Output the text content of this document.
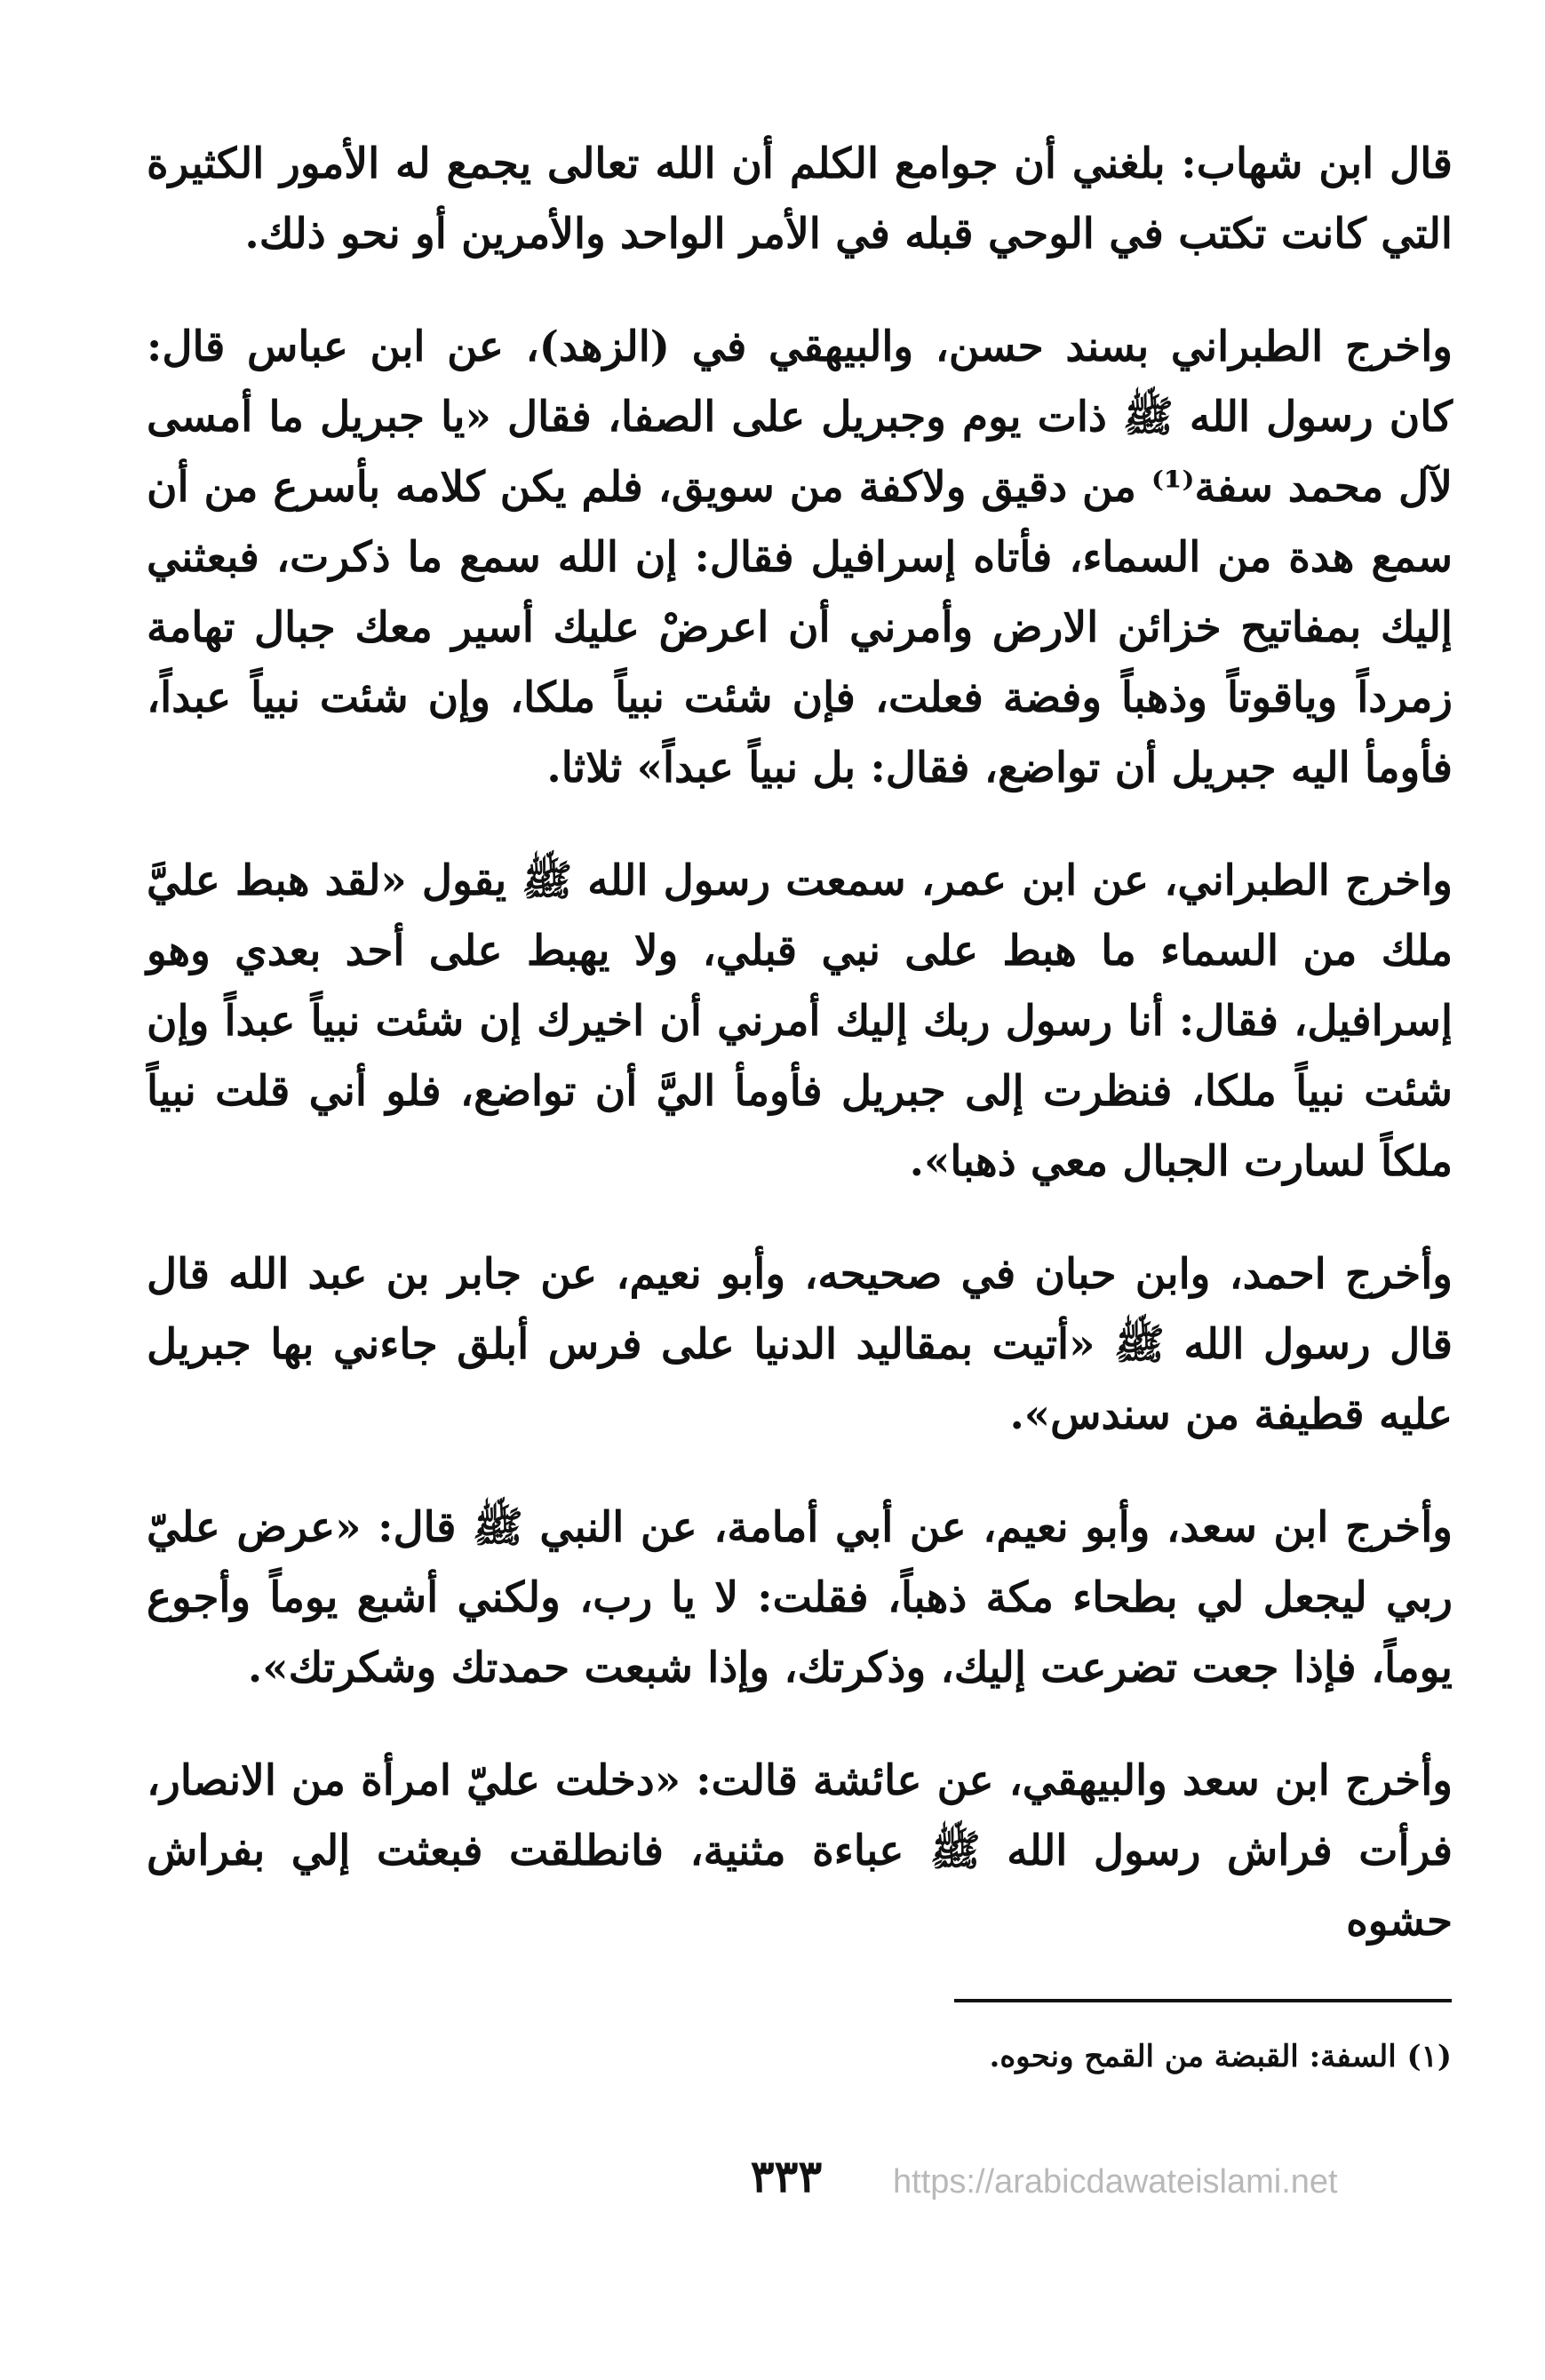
قال ابن شهاب: بلغني أن جوامع الكلم أن الله تعالى يجمع له الأمور الكثيرة التي كانت تكتب في الوحي قبله في الأمر الواحد والأمرين أو نحو ذلك.

واخرج الطبراني بسند حسن، والبيهقي في (الزهد)، عن ابن عباس قال: كان رسول الله ﷺ ذات يوم وجبريل على الصفا، فقال «يا جبريل ما أمسى لآل محمد سفة⁽¹⁾ من دقيق ولاكفة من سويق، فلم يكن كلامه بأسرع من أن سمع هدة من السماء، فأتاه إسرافيل فقال: إن الله سمع ما ذكرت، فبعثني إليك بمفاتيح خزائن الارض وأمرني أن اعرضْ عليك أسير معك جبال تهامة زمرداً وياقوتاً وذهباً وفضة فعلت، فإن شئت نبياً ملكا، وإن شئت نبياً عبداً، فأومأ اليه جبريل أن تواضع، فقال: بل نبياً عبداً» ثلاثا.

واخرج الطبراني، عن ابن عمر، سمعت رسول الله ﷺ يقول «لقد هبط عليَّ ملك من السماء ما هبط على نبي قبلي، ولا يهبط على أحد بعدي وهو إسرافيل، فقال: أنا رسول ربك إليك أمرني أن اخيرك إن شئت نبياً عبداً وإن شئت نبياً ملكا، فنظرت إلى جبريل فأومأ اليَّ أن تواضع، فلو أني قلت نبياً ملكاً لسارت الجبال معي ذهبا».

وأخرج احمد، وابن حبان في صحيحه، وأبو نعيم، عن جابر بن عبد الله قال قال رسول الله ﷺ «أتيت بمقاليد الدنيا على فرس أبلق جاءني بها جبريل عليه قطيفة من سندس».

وأخرج ابن سعد، وأبو نعيم، عن أبي أمامة، عن النبي ﷺ قال: «عرض عليّ ربي ليجعل لي بطحاء مكة ذهباً، فقلت: لا يا رب، ولكني أشبع يوماً وأجوع يوماً، فإذا جعت تضرعت إليك، وذكرتك، وإذا شبعت حمدتك وشكرتك».

وأخرج ابن سعد والبيهقي، عن عائشة قالت: «دخلت عليّ امرأة من الانصار، فرأت فراش رسول الله ﷺ عباءة مثنية، فانطلقت فبعثت إلي بفراش حشوه

(١) السفة: القبضة من القمح ونحوه.
٣٣٣	https://arabicdawateislami.net
